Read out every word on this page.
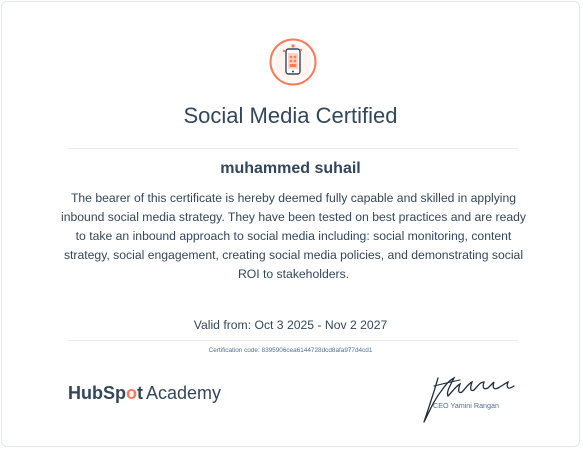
Social Media Certified
muhammed suhail
The bearer of this certificate is hereby deemed fully capable and skilled in applying inbound social media strategy. They have been tested on best practices and are ready to take an inbound approach to social media including: social monitoring, content strategy, social engagement, creating social media policies, and demonstrating social ROI to stakeholders.
Valid from: Oct 3 2025 - Nov 2 2027
Certification code: 8395906cea6144728dcd8afa977d4cd1
HubSpot Academy
CEO Yamini Rangan
